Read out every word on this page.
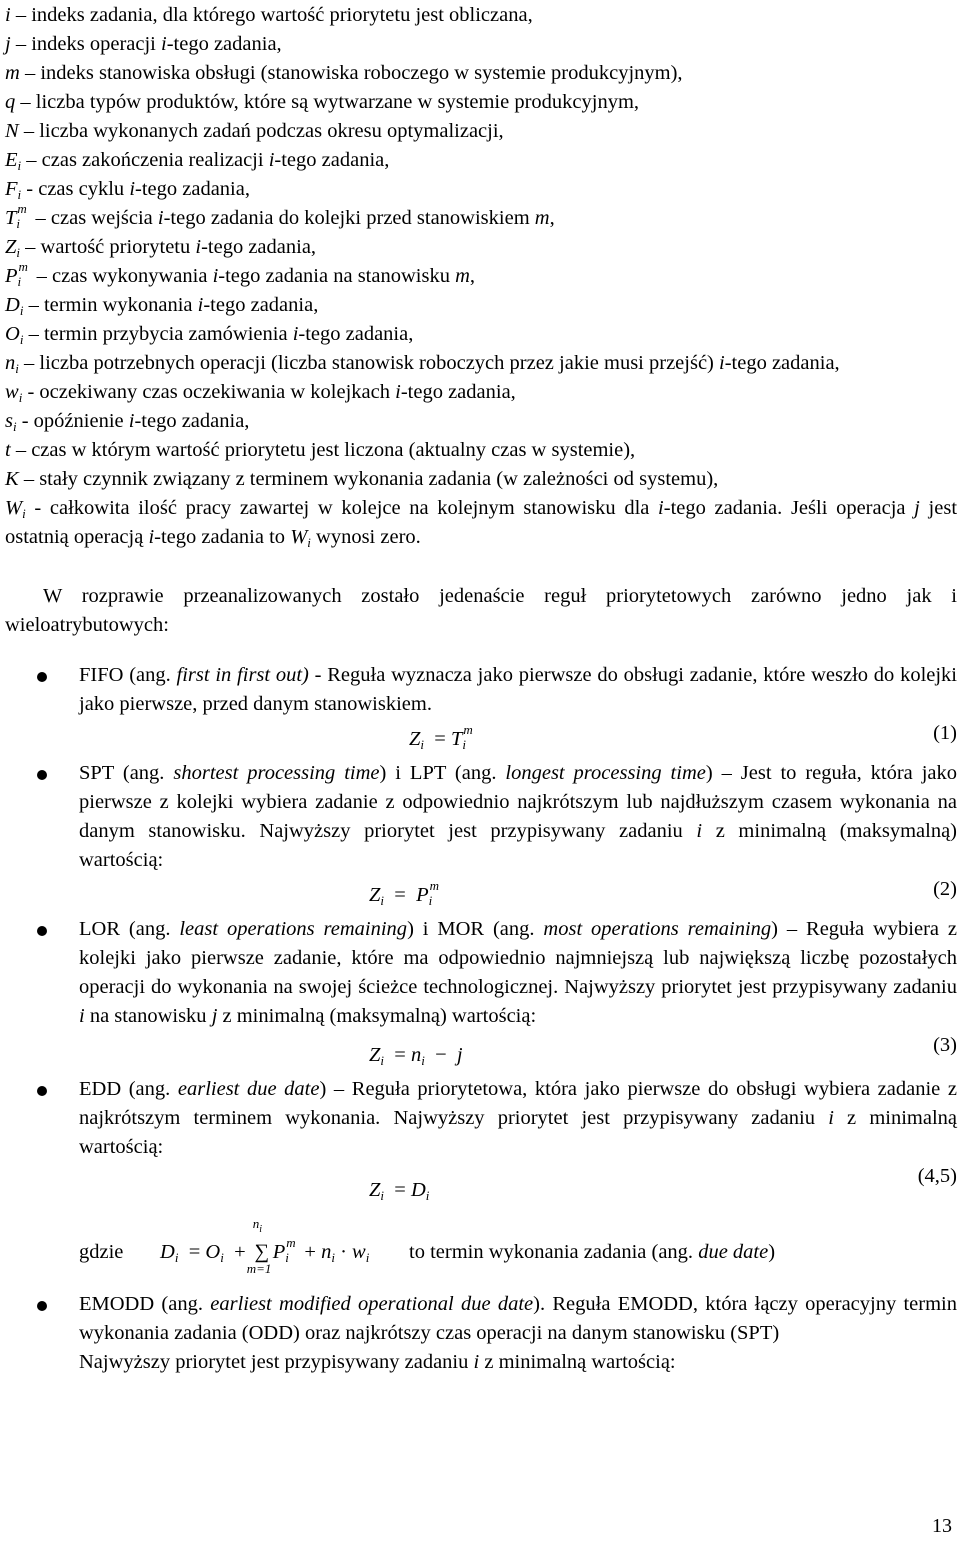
i – indeks zadania, dla którego wartość priorytetu jest obliczana,
j – indeks operacji i-tego zadania,
m – indeks stanowiska obsługi (stanowiska roboczego w systemie produkcyjnym),
q – liczba typów produktów, które są wytwarzane w systemie produkcyjnym,
N – liczba wykonanych zadań podczas okresu optymalizacji,
$E_i$ – czas zakończenia realizacji i-tego zadania,
$F_i$ - czas cyklu i-tego zadania,
T m
i – czas wejścia i-tego zadania do kolejki przed stanowiskiem m,
$Z_i$ – wartość priorytetu i-tego zadania,
P m
i – czas wykonywania i-tego zadania na stanowisku m,
$D_i$ – termin wykonania i-tego zadania,
$O_i$ – termin przybycia zamówienia i-tego zadania,
$n_i$ – liczba potrzebnych operacji (liczba stanowisk roboczych przez jakie musi przejść) i-tego zadania,
$w_i$ - oczekiwany czas oczekiwania w kolejkach i-tego zadania,
$s_i$ - opóźnienie i-tego zadania,
t – czas w którym wartość priorytetu jest liczona (aktualny czas w systemie),
K – stały czynnik związany z terminem wykonania zadania (w zależności od systemu),
$W_i$ - całkowita ilość pracy zawartej w kolejce na kolejnym stanowisku dla i-tego zadania. Jeśli operacja j jest ostatnią operacją i-tego zadania to $W_i$ wynosi zero.

W rozprawie przeanalizowanych zostało jedenaście reguł priorytetowych zarówno jedno jak i wieloatrybutowych:

FIFO (ang. first in first out) - Reguła wyznacza jako pierwsze do obsługi zadanie, które weszło do kolejki jako pierwsze, przed danym stanowiskiem.
$Z_i = T$ m
i
(1)
SPT (ang. shortest processing time) i LPT (ang. longest processing time) – Jest to reguła, która jako pierwsze z kolejki wybiera zadanie z odpowiednio najkrótszym lub najdłuższym czasem wykonania na danym stanowisku. Najwyższy priorytet jest przypisywany zadaniu i z minimalną (maksymalną) wartością:
$Z_i = P$ m
i
(2)
LOR (ang. least operations remaining) i MOR (ang. most operations remaining) – Reguła wybiera z kolejki jako pierwsze zadanie, które ma odpowiednio najmniejszą lub największą liczbę pozostałych operacji do wykonania na swojej ścieżce technologicznej. Najwyższy priorytet jest przypisywany zadaniu i na stanowisku j z minimalną (maksymalną) wartością:
$Z_i = n_i - j$	(3)
EDD (ang. earliest due date) – Reguła priorytetowa, która jako pierwsze do obsługi wybiera zadanie z najkrótszym terminem wykonania. Najwyższy priorytet jest przypisywany zadaniu i z minimalną wartością:
$Z_i = D_i$
(4,5)
gdzie $D_i = O_i$  + ∑
$n_i$
m=1
P m
$i + n_i \cdot w_i$ to termin wykonania zadania (ang. due date)
EMODD (ang. earliest modified operational due date). Reguła EMODD, która łączy operacyjny termin wykonania zadania (ODD) oraz najkrótszy czas operacji na danym stanowisku (SPT)
Najwyższy priorytet jest przypisywany zadaniu i z minimalną wartością:
13
